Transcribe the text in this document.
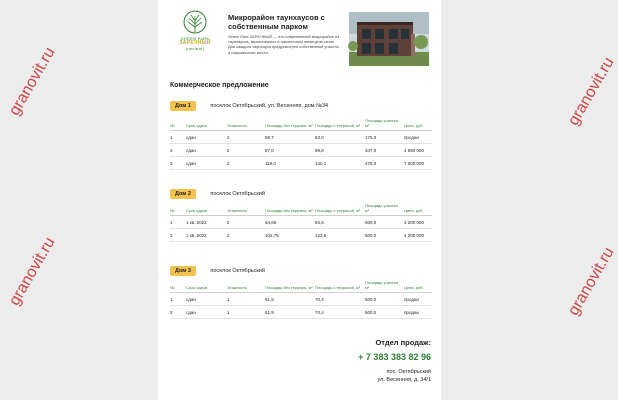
granovit.ru
granovit.ru
granovit.ru
granovit.ru
GREEN PARK
ЗАРЕЧНЫЙ
[unclear]
Микрорайон таунхаусов с собственным парком
Green Park ЗАРЕЧНЫЙ — это современный микрорайон из таунхаусов, выполненных в лаконичном немецком стиле. Для каждого таунхауса предусмотрен собственный участок и парковочные места.
Коммерческое предложение
Дом 1	поселок Октябрьский, ул. Весенняя, дом №34
№	Срок сдачи	Этажность	Площадь без террасы, м²	Площадь с террасой, м²	Площадь участка, м²	Цена, руб.
1	сдан	2	58,7	63,0	175,0	продан
2	сдан	2	87,0	99,8	347,0	4 690 000
3	сдан	2	119,0	140,1	478,0	7 000 000
Дом 2	поселок Октябрьский
№	Срок сдачи	Этажность	Площадь без террасы, м²	Площадь с террасой, м²	Площадь участка, м²	Цена, руб.
1	1 кв. 2022	2	64,66	84,6	500,0	3 200 000
2	1 кв. 2022	2	102,75	123,6	500,0	4 200 000
Дом 3	поселок Октябрьский
№	Срок сдачи	Этажность	Площадь без террасы, м²	Площадь с террасой, м²	Площадь участка, м²	Цена, руб.
1	сдан	1	61,9	70,4	500,0	продан
2	сдан	1	61,9	70,4	500,0	продан
Отдел продаж:
+ 7 383 383 82 96
пос. Октябрьский
ул. Весенняя, д. 34/1
